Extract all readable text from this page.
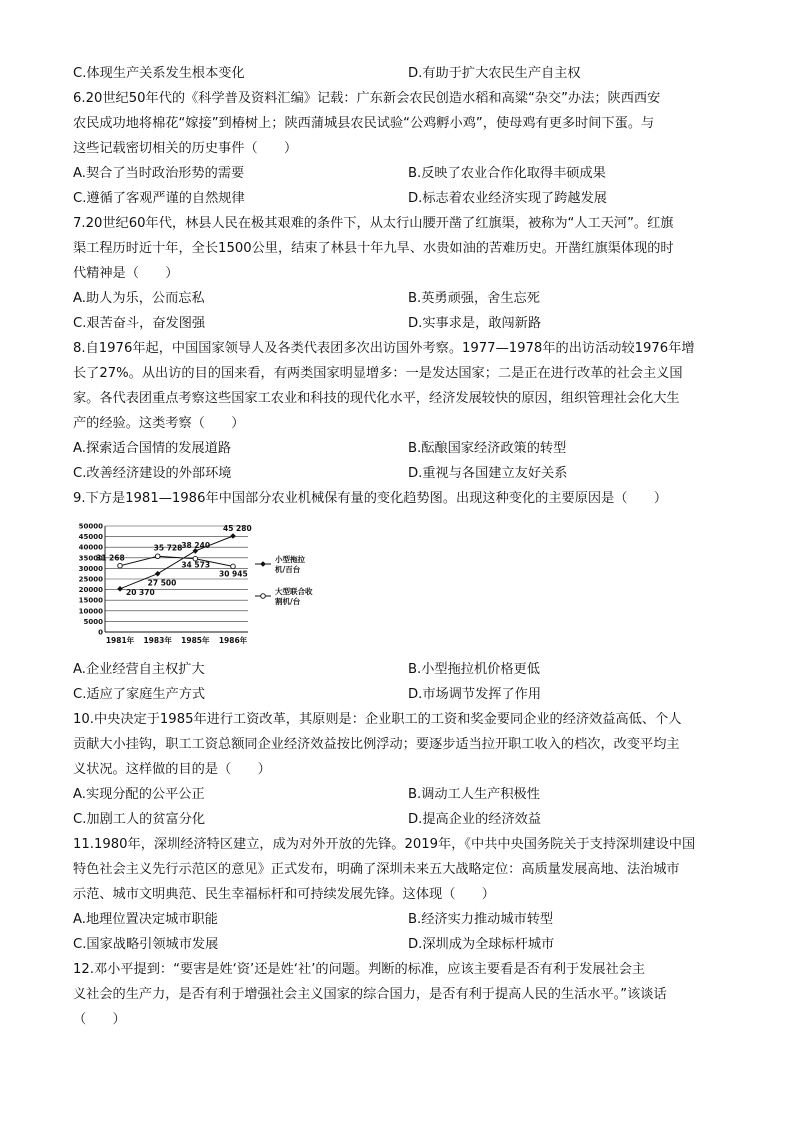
C.体现生产关系发生根本变化	D.有助于扩大农民生产自主权
6.20世纪50年代的《科学普及资料汇编》记载：广东新会农民创造水稻和高粱“杂交”办法；陕西西安
农民成功地将棉花“嫁接”到椿树上；陕西蒲城县农民试验“公鸡孵小鸡”，使母鸡有更多时间下蛋。与
这些记载密切相关的历史事件（　　）
A.契合了当时政治形势的需要	B.反映了农业合作化取得丰硕成果
C.遵循了客观严谨的自然规律	D.标志着农业经济实现了跨越发展
7.20世纪60年代，林县人民在极其艰难的条件下，从太行山腰开凿了红旗渠，被称为“人工天河”。红旗
渠工程历时近十年，全长1500公里，结束了林县十年九旱、水贵如油的苦难历史。开凿红旗渠体现的时
代精神是（　　）
A.助人为乐，公而忘私	B.英勇顽强，舍生忘死
C.艰苦奋斗，奋发图强	D.实事求是，敢闯新路
8.自1976年起，中国国家领导人及各类代表团多次出访国外考察。1977—1978年的出访活动较1976年增
长了27%。从出访的目的国来看，有两类国家明显增多：一是发达国家；二是正在进行改革的社会主义国
家。各代表团重点考察这些国家工农业和科技的现代化水平，经济发展较快的原因，组织管理社会化大生
产的经验。这类考察（　　）
A.探索适合国情的发展道路	B.酝酿国家经济政策的转型
C.改善经济建设的外部环境	D.重视与各国建立友好关系
9.下方是1981—1986年中国部分农业机械保有量的变化趋势图。出现这种变化的主要原因是（　　）
0
5000
10000
15000
20000
25000
30000
35000
40000
45000
50000
1981年 1983年 1985年 1986年
20 370
27 500
38 240
45 280
31 268
35 728
34 573
30 945
小型拖拉
机/百台
大型联合收
割机/台
A.企业经营自主权扩大	B.小型拖拉机价格更低
C.适应了家庭生产方式	D.市场调节发挥了作用
10.中央决定于1985年进行工资改革，其原则是：企业职工的工资和奖金要同企业的经济效益高低、个人
贡献大小挂钩，职工工资总额同企业经济效益按比例浮动；要逐步适当拉开职工收入的档次，改变平均主
义状况。这样做的目的是（　　）
A.实现分配的公平公正	B.调动工人生产积极性
C.加剧工人的贫富分化	D.提高企业的经济效益
11.1980年，深圳经济特区建立，成为对外开放的先锋。2019年，《中共中央国务院关于支持深圳建设中国
特色社会主义先行示范区的意见》正式发布，明确了深圳未来五大战略定位：高质量发展高地、法治城市
示范、城市文明典范、民生幸福标杆和可持续发展先锋。这体现（　　）
A.地理位置决定城市职能	B.经济实力推动城市转型
C.国家战略引领城市发展	D.深圳成为全球标杆城市
12.邓小平提到：“要害是姓‘资’还是姓‘社’的问题。判断的标准，应该主要看是否有利于发展社会主
义社会的生产力，是否有利于增强社会主义国家的综合国力，是否有利于提高人民的生活水平。”该谈话
（　　）
